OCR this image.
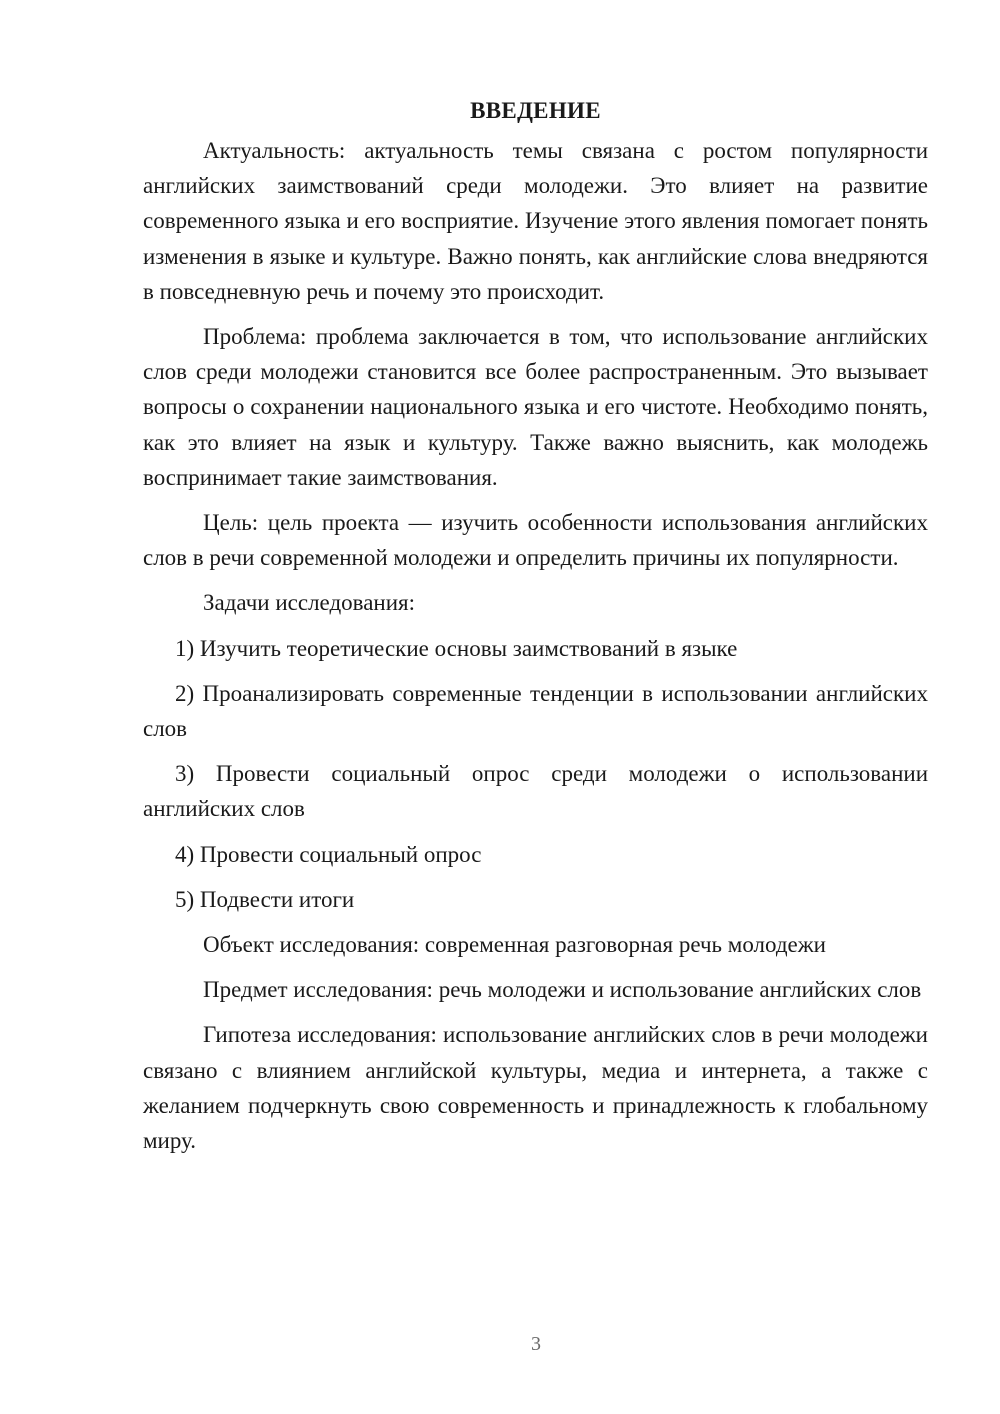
ВВЕДЕНИЕ

Актуальность: актуальность темы связана с ростом популярности английских заимствований среди молодежи. Это влияет на развитие современного языка и его восприятие. Изучение этого явления помогает понять изменения в языке и культуре. Важно понять, как английские слова внедряются в повседневную речь и почему это происходит.

Проблема: проблема заключается в том, что использование английских слов среди молодежи становится все более распространенным. Это вызывает вопросы о сохранении национального языка и его чистоте. Необходимо понять, как это влияет на язык и культуру. Также важно выяснить, как молодежь воспринимает такие заимствования.

Цель: цель проекта — изучить особенности использования английских слов в речи современной молодежи и определить причины их популярности.

Задачи исследования:

1) Изучить теоретические основы заимствований в языке

2) Проанализировать современные тенденции в использовании английских слов

3) Провести социальный опрос среди молодежи о использовании английских слов

4) Провести социальный опрос

5) Подвести итоги

Объект исследования: современная разговорная речь молодежи

Предмет исследования: речь молодежи и использование английских слов

Гипотеза исследования: использование английских слов в речи молодежи связано с влиянием английской культуры, медиа и интернета, а также с желанием подчеркнуть свою современность и принадлежность к глобальному миру.

3
